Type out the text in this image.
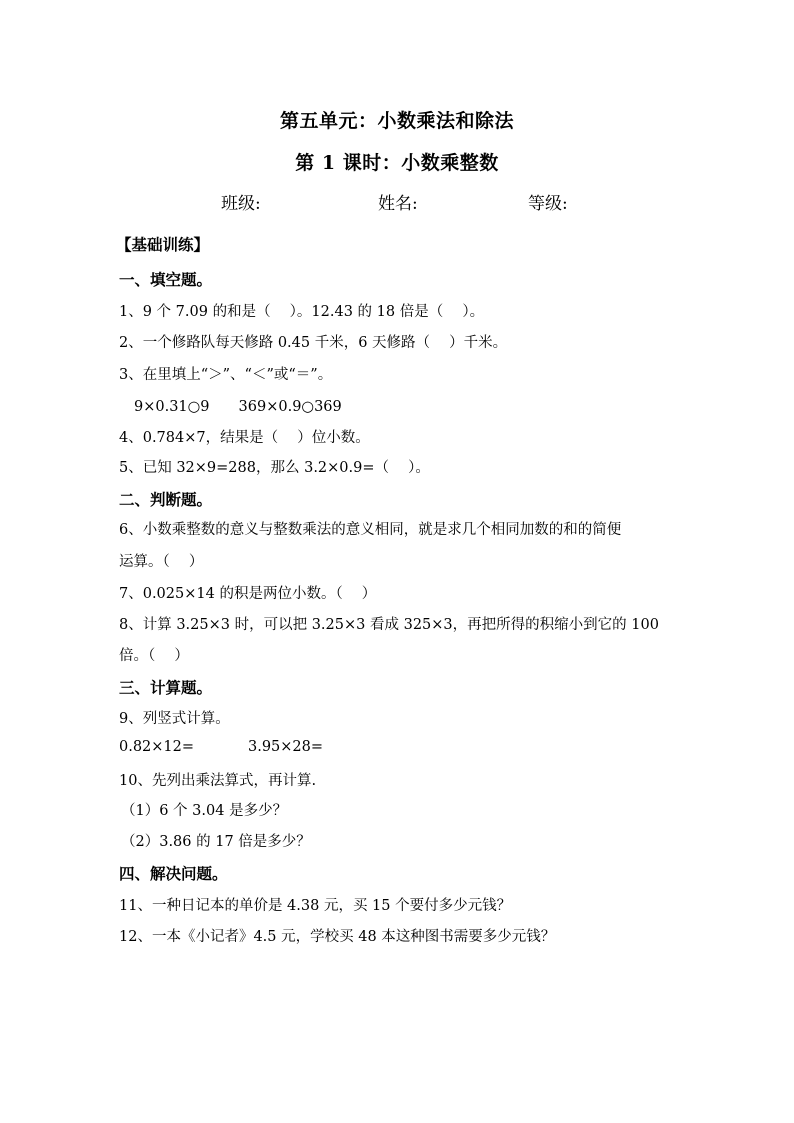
第五单元：小数乘法和除法
第 1 课时：小数乘整数
班级:	姓名:	等级:
【基础训练】
一、填空题。
1、9 个 7.09 的和是（　 ）。12.43 的 18 倍是（　 ）。
2、一个修路队每天修路 0.45 千米，6 天修路（　 ）千米。
3、在里填上“＞”、“＜”或“＝”。
9×0.31○9　　369×0.9○369
4、0.784×7，结果是（　 ）位小数。
5、已知 32×9=288，那么 3.2×0.9=（　 ）。
二、判断题。
6、小数乘整数的意义与整数乘法的意义相同，就是求几个相同加数的和的简便
运算。（　 ）
7、0.025×14 的积是两位小数。（　 ）
8、计算 3.25×3 时，可以把 3.25×3 看成 325×3，再把所得的积缩小到它的 100
倍。（　 ）
三、计算题。
9、列竖式计算。
0.82×12=	3.95×28=
10、先列出乘法算式，再计算.
（1）6 个 3.04 是多少？
（2）3.86 的 17 倍是多少？
四、解决问题。
11、一种日记本的单价是 4.38 元，买 15 个要付多少元钱？
12、一本《小记者》4.5 元，学校买 48 本这种图书需要多少元钱？
